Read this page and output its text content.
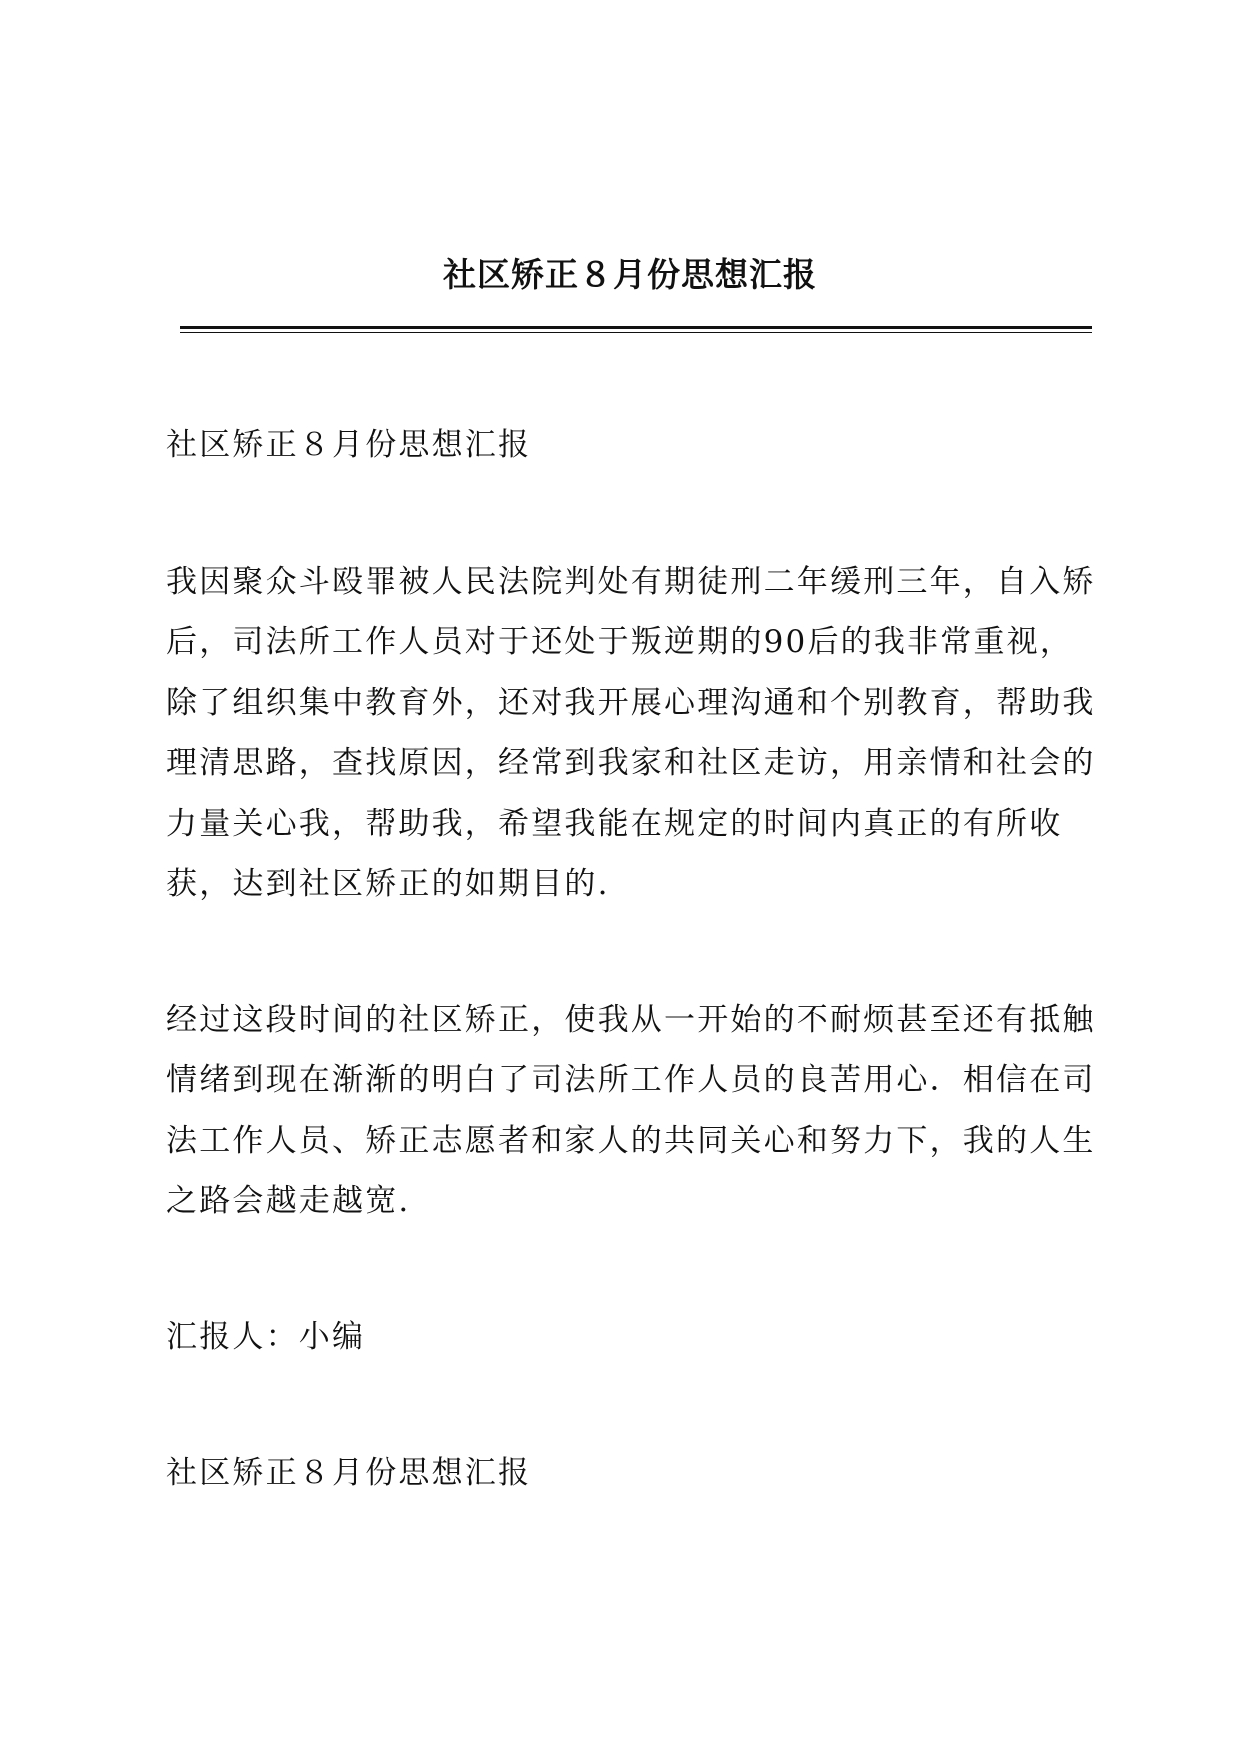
社区矫正８月份思想汇报

社区矫正８月份思想汇报

我因聚众斗殴罪被人民法院判处有期徒刑二年缓刑三年，自入矫
后，司法所工作人员对于还处于叛逆期的90后的我非常重视，
除了组织集中教育外，还对我开展心理沟通和个别教育，帮助我
理清思路，查找原因，经常到我家和社区走访，用亲情和社会的
力量关心我，帮助我，希望我能在规定的时间内真正的有所收
获，达到社区矫正的如期目的.

经过这段时间的社区矫正，使我从一开始的不耐烦甚至还有抵触
情绪到现在渐渐的明白了司法所工作人员的良苦用心．相信在司
法工作人员、矫正志愿者和家人的共同关心和努力下，我的人生
之路会越走越宽.

汇报人：小编

社区矫正８月份思想汇报
